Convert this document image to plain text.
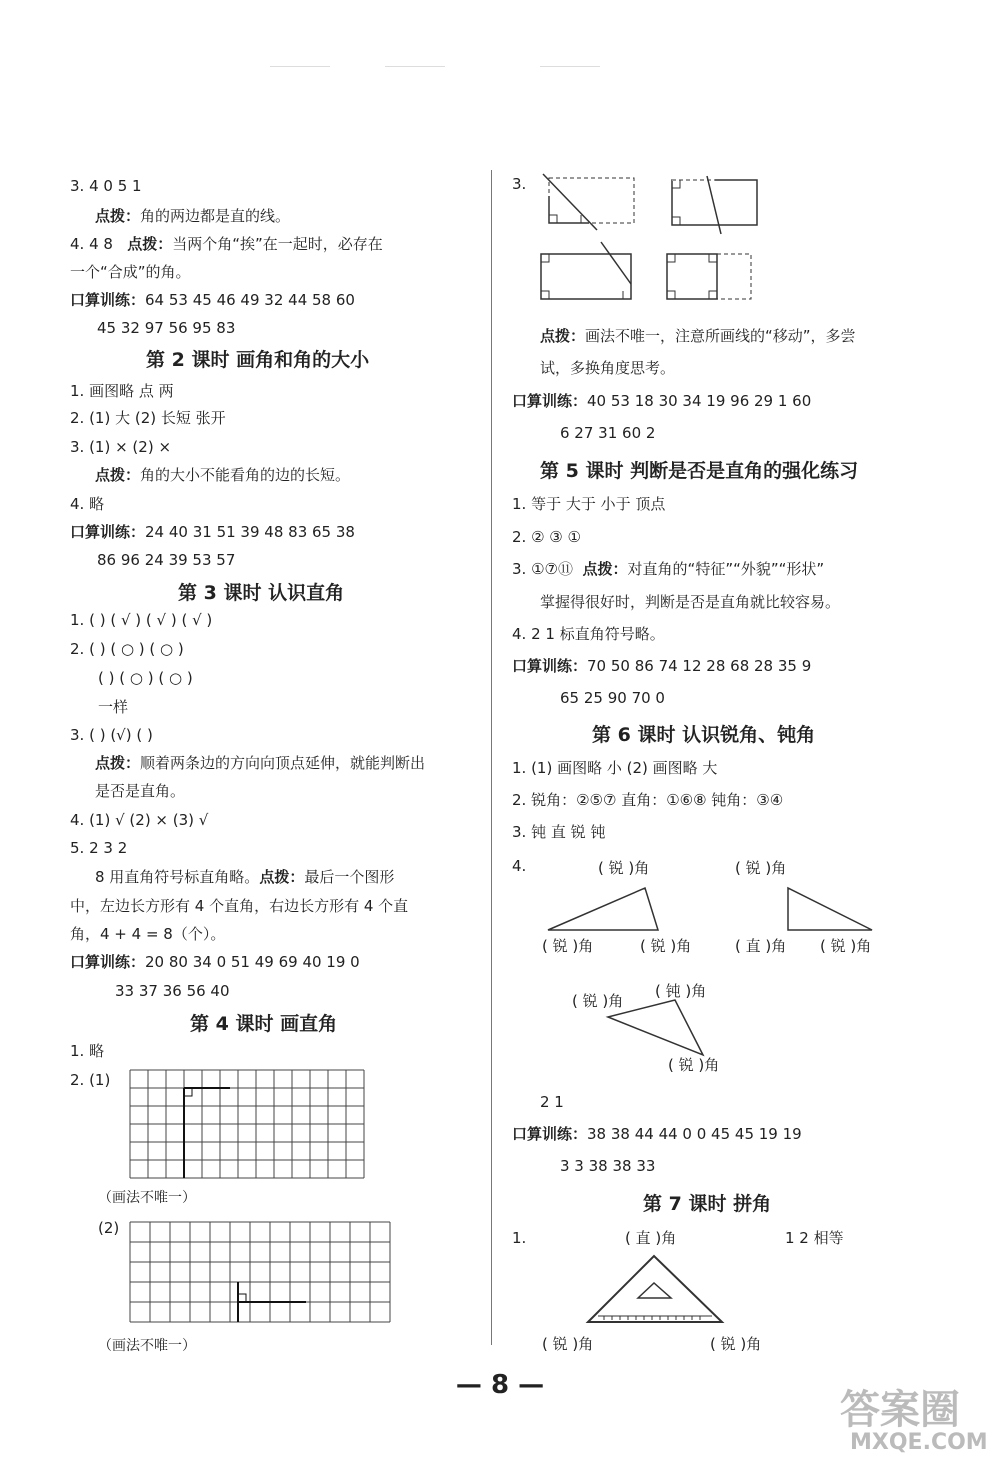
3. 4 0 5 1
点拨：角的两边都是直的线。
4. 4 8 点拨：当两个角“挨”在一起时，必存在
一个“合成”的角。
口算训练：64 53 45 46 49 32 44 58 60
45 32 97 56 95 83
第 2 课时 画角和角的大小
1. 画图略 点 两
2. (1) 大 (2) 长短 张开
3. (1) × (2) ×
点拨：角的大小不能看角的边的长短。
4. 略
口算训练：24 40 31 51 39 48 83 65 38
86 96 24 39 53 57
第 3 课时 认识直角
1. ( ) ( √ ) ( √ ) ( √ )
2. ( ) ( ○ ) ( ○ )
( ) ( ○ ) ( ○ )
一样
3. ( ) (√) ( )
点拨：顺着两条边的方向向顶点延伸，就能判断出
是否是直角。
4. (1) √ (2) × (3) √
5. 2 3 2
8 用直角符号标直角略。点拨：最后一个图形
中，左边长方形有 4 个直角，右边长方形有 4 个直
角，4 + 4 = 8（个）。
口算训练：20 80 34 0 51 49 69 40 19 0
33 37 36 56 40
第 4 课时 画直角
1. 略
2. (1)
（画法不唯一）
(2)
（画法不唯一）
3.
点拨：画法不唯一，注意所画线的“移动”，多尝
试，多换角度思考。
口算训练：40 53 18 30 34 19 96 29 1 60
6 27 31 60 2
第 5 课时 判断是否是直角的强化练习
1. 等于 大于 小于 顶点
2. ② ③ ①
3. ①⑦⑪ 点拨：对直角的“特征”“外貌”“形状”
掌握得很好时，判断是否是直角就比较容易。
4. 2 1 标直角符号略。
口算训练：70 50 86 74 12 28 68 28 35 9
65 25 90 70 0
第 6 课时 认识锐角、钝角
1. (1) 画图略 小 (2) 画图略 大
2. 锐角：②⑤⑦ 直角：①⑥⑧ 钝角：③④
3. 钝 直 锐 钝
4.	( 锐 )角	( 锐 )角
( 锐 )角	( 锐 )角	( 直 )角 ( 锐 )角
( 锐 )角
( 钝 )角
( 锐 )角
2 1
口算训练：38 38 44 44 0 0 45 45 19 19
3 3 38 38 33
第 7 课时 拼角
1.	( 直 )角	1 2 相等
( 锐 )角	( 锐 )角
— 8 —
答案圈
MXQE.COM
